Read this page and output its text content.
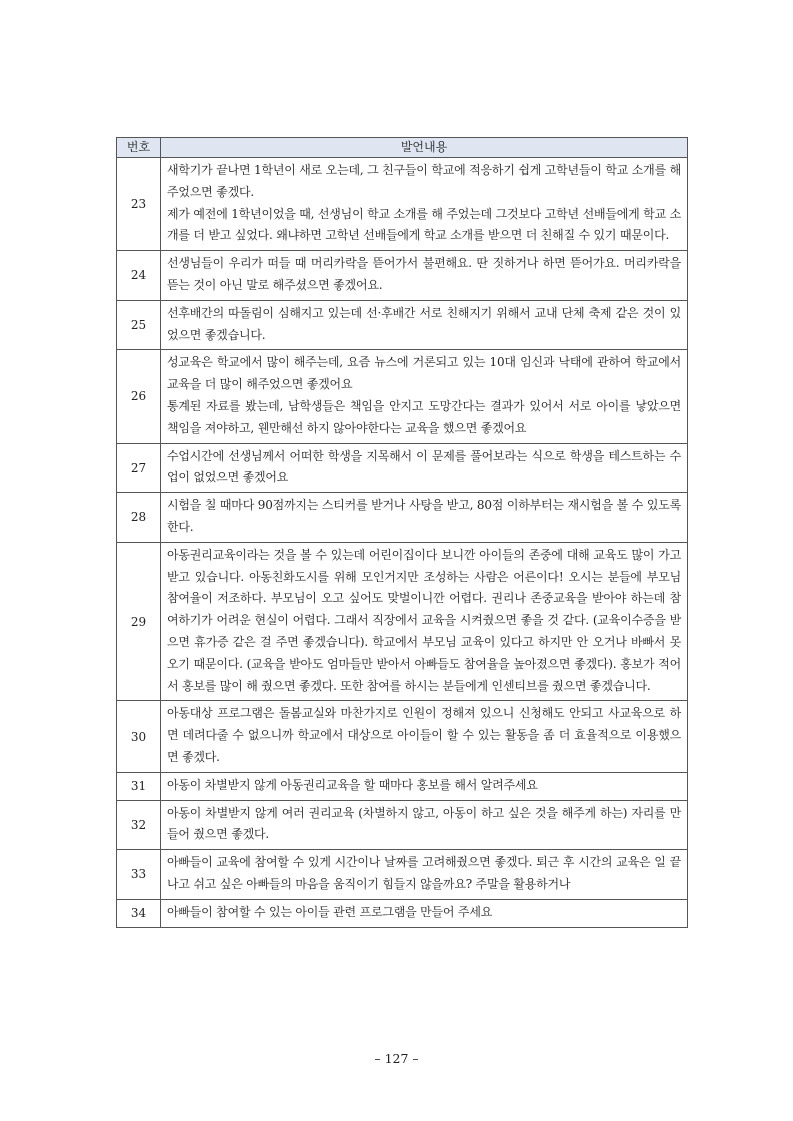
번호	발언내용
23	새학기가 끝나면 1학년이 새로 오는데, 그 친구들이 학교에 적응하기 쉽게 고학년들이 학교 소개를 해 주었으면 좋겠다.

제가 예전에 1학년이었을 때, 선생님이 학교 소개를 해 주었는데 그것보다 고학년 선배들에게 학교 소개를 더 받고 싶었다. 왜냐하면 고학년 선배들에게 학교 소개를 받으면 더 친해질 수 있기 때문이다.

24	선생님들이 우리가 떠들 때 머리카락을 뜯어가서 불편해요. 딴 짓하거나 하면 뜯어가요. 머리카락을 뜯는 것이 아닌 말로 해주셨으면 좋겠어요.

25	선후배간의 따돌림이 심해지고 있는데 선·후배간 서로 친해지기 위해서 교내 단체 축제 같은 것이 있었으면 좋겠습니다.

26	성교육은 학교에서 많이 해주는데, 요즘 뉴스에 거론되고 있는 10대 임신과 낙태에 관하여 학교에서 교육을 더 많이 해주었으면 좋겠어요

통계된 자료를 봤는데, 남학생들은 책임을 안지고 도망간다는 결과가 있어서 서로 아이를 낳았으면 책임을 져야하고, 웬만해선 하지 않아야한다는 교육을 했으면 좋겠어요

27	수업시간에 선생님께서 어떠한 학생을 지목해서 이 문제를 풀어보라는 식으로 학생을 테스트하는 수업이 없었으면 좋겠어요

28	시험을 칠 때마다 90점까지는 스티커를 받거나 사탕을 받고, 80점 이하부터는 재시험을 볼 수 있도록 한다.

29	아동권리교육이라는 것을 볼 수 있는데 어린이집이다 보니깐 아이들의 존중에 대해 교육도 많이 가고 받고 있습니다. 아동친화도시를 위해 모인거지만 조성하는 사람은 어른이다! 오시는 분들에 부모님 참여율이 저조하다. 부모님이 오고 싶어도 맞벌이니깐 어렵다. 권리나 존중교육을 받아야 하는데 참여하기가 어려운 현실이 어렵다. 그래서 직장에서 교육을 시켜줬으면 좋을 것 같다. (교육이수증을 받으면 휴가증 같은 걸 주면 좋겠습니다). 학교에서 부모님 교육이 있다고 하지만 안 오거나 바빠서 못 오기 때문이다. (교육을 받아도 엄마들만 받아서 아빠들도 참여율을 높아졌으면 좋겠다). 홍보가 적어서 홍보를 많이 해 줬으면 좋겠다. 또한 참여를 하시는 분들에게 인센티브를 줬으면 좋겠습니다.

30	아동대상 프로그램은 돌봄교실와 마찬가지로 인원이 정해져 있으니 신청해도 안되고 사교육으로 하면 데려다줄 수 없으니까 학교에서 대상으로 아이들이 할 수 있는 활동을 좀 더 효율적으로 이용했으면 좋겠다.

31	아동이 차별받지 않게 아동권리교육을 할 때마다 홍보를 해서 알려주세요

32	아동이 차별받지 않게 여러 권리교육 (차별하지 않고, 아동이 하고 싶은 것을 해주게 하는) 자리를 만들어 줬으면 좋겠다.

33	아빠들이 교육에 참여할 수 있게 시간이나 날짜를 고려해줬으면 좋겠다. 퇴근 후 시간의 교육은 일 끝나고 쉬고 싶은 아빠들의 마음을 움직이기 힘들지 않을까요? 주말을 활용하거나

34	아빠들이 참여할 수 있는 아이들 관련 프로그램을 만들어 주세요

– 127 –
